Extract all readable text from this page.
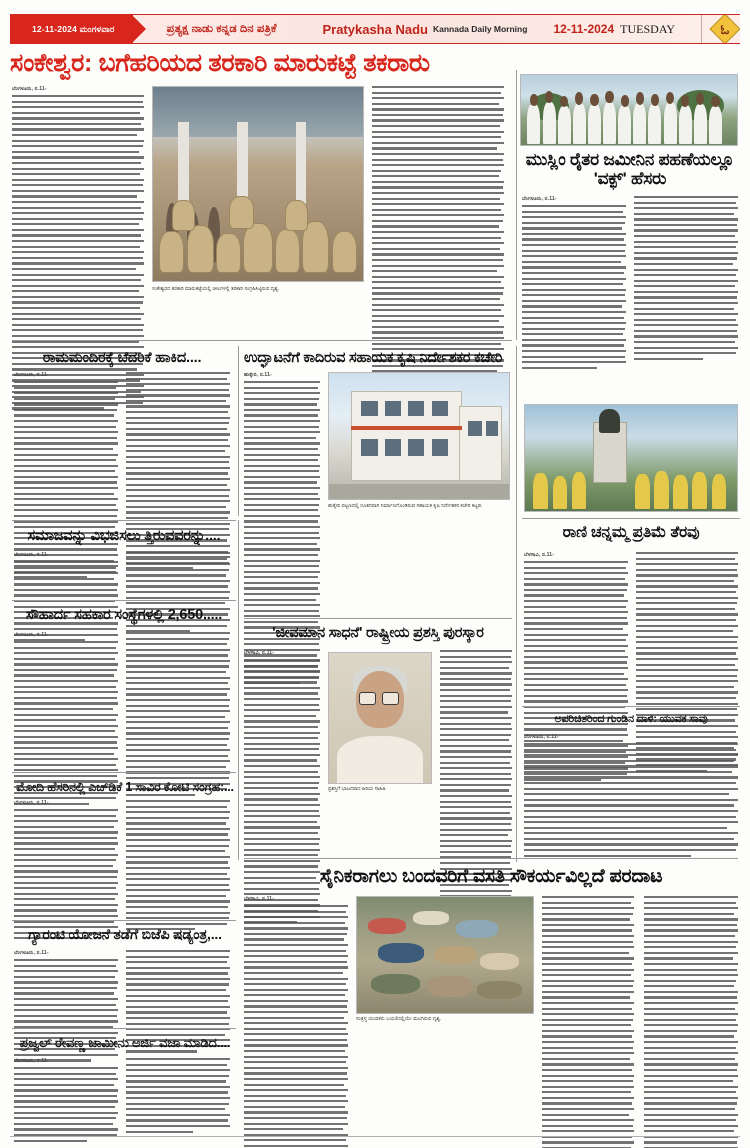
12-11-2024 ಮಂಗಳವಾರ	ಪ್ರತ್ಯಕ್ಷ ನಾಡು ಕನ್ನಡ ದಿನ ಪತ್ರಿಕೆ	Pratykasha Nadu Kannada Daily Morning 12-11-2024 TUESDAY	ಓ
ಸಂಕೇಶ್ವರ: ಬಗೆಹರಿಯದ ತರಕಾರಿ ಮಾರುಕಟ್ಟೆ ತಕರಾರು
ಬೆಂಗಳೂರು, ನ.11-
ಸಂಕೇಶ್ವರದ ತರಕಾರಿ ಮಾರುಕಟ್ಟೆಯಲ್ಲಿ ಚೀಲಗಳಲ್ಲಿ ತರಕಾರಿ ಸಂಗ್ರಹಿಸಿಟ್ಟಿರುವ ದೃಶ್ಯ.
ಮುಸ್ಲಿಂ ರೈತರ ಜಮೀನಿನ ಪಹಣೆಯಲ್ಲೂ 'ವಕ್ಫ್' ಹೆಸರು
ಬೆಂಗಳೂರು, ನ.11-
ರಾಮಮಂದಿರಕ್ಕೆ ಬೆದರಿಕೆ ಹಾಕಿದ....	ಉದ್ಘಾಟನೆಗೆ ಕಾದಿರುವ ಸಹಾಯಕ ಕೃಷಿ ನಿರ್ದೇಶಕರ ಕಚೇರಿ
ಬೆಂಗಳೂರು, ನ.11-	ಹುಕ್ಕೇರಿ, ನ.11-
ಹುಕ್ಕೇರಿ ಪಟ್ಟಣದಲ್ಲಿ ನೂತನವಾಗಿ ನಿರ್ಮಾಣಗೊಂಡಿರುವ ಸಹಾಯಕ ಕೃಷಿ ನಿರ್ದೇಶಕರ ಕಚೇರಿ ಕಟ್ಟಡ.
ಸಮಾಜವನ್ನು ವಿಭಜಿಸಲು ತ್ತಿರುವವರನ್ನು....
ಬೆಂಗಳೂರು, ನ.11-
ಸೌಹಾರ್ದ ಸಹಕಾರ ಸಂಸ್ಥೆಗಳಲ್ಲಿ 2,650.....
ಬೆಂಗಳೂರು, ನ.11-	'ಜೀವಮಾನ ಸಾಧನೆ' ರಾಷ್ಟ್ರೀಯ ಪ್ರಶಸ್ತಿ ಪುರಸ್ಕಾರ
ಬೆಳಗಾವಿ, ನ.11-
ಪ್ರಶಸ್ತಿಗೆ ಭಾಜನರಾದ ಹಿರಿಯ ಸಾಹಿತಿ.
ರಾಣಿ ಚನ್ನಮ್ಮ ಪ್ರತಿಮೆ ತೆರವು
ಬೆಳಗಾವಿ, ನ.11-
ಅಪರಿಚಿತರಿಂದ ಗುಂಡಿನ ದಾಳಿ: ಯುವಕ ಸಾವು
ಬೆಂಗಳೂರು, ನ.11-
ಮೋದಿ ಹೆಸರಿನಲ್ಲಿ ಎಚ್‌ಡಿಕೆ 1 ಸಾವಿರ ಕೋಟಿ ಸಂಗ್ರಹ:...
ಬೆಂಗಳೂರು, ನ.11-
ಗ್ಯಾರಂಟಿ ಯೋಜನೆ ತಡೆಗೆ ಬಿಜೆಪಿ ಷಡ್ಯಂತ್ರ,...
ಬೆಂಗಳೂರು, ನ.11-
ಪ್ರಜ್ವಲ್ ರೇವಣ್ಣ ಜಾಮೀನು ಅರ್ಜಿ ವಜಾ ಮಾಡಿದ....
ಬೆಂಗಳೂರು, ನ.11-
ಸೈನಿಕರಾಗಲು ಬಂದವರಿಗೆ ವಸತಿ ಸೌಕರ್ಯವಿಲ್ಲದೆ ಪರದಾಟ
ಬೆಳಗಾವಿ, ನ.11-
ಸಂತ್ರಸ್ತ ಯುವಕರು ಬಯಲಿನಲ್ಲಿಯೇ ಮಲಗಿರುವ ದೃಶ್ಯ.
